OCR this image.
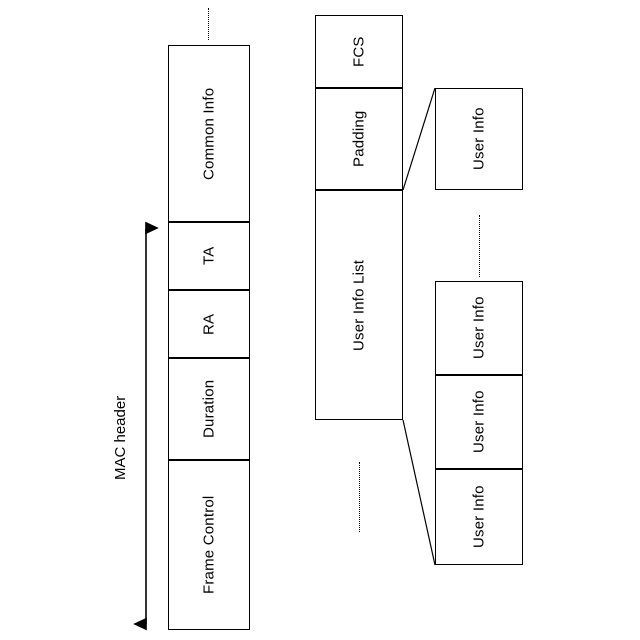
Frame Control
Duration
RA
TA
Common Info
MAC header
User Info List
Padding
FCS
User Info
User Info
User Info
User Info
